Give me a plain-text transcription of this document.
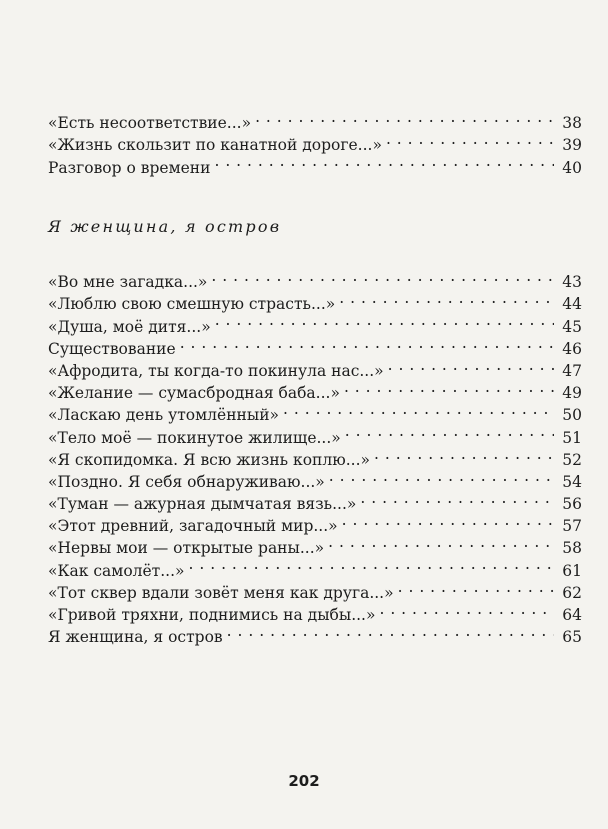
«Есть несоответствие...» . . .	38
«Жизнь скользит по канатной дороге...» . . .	39
Разговор о времени . . .	40
Я женщина, я остров
«Во мне загадка...» . . .	43
«Люблю свою смешную страсть...» . . .	44
«Душа, моё дитя...» . . .	45
Существование . . .	46
«Афродита, ты когда-то покинула нас...» . . .	47
«Желание — сумасбродная баба...» . . .	49
«Ласкаю день утомлённый» . . .	50
«Тело моё — покинутое жилище...» . . .	51
«Я скопидомка. Я всю жизнь коплю...» . . .	52
«Поздно. Я себя обнаруживаю...» . . .	54
«Туман — ажурная дымчатая вязь...» . . .	56
«Этот древний, загадочный мир...» . . .	57
«Нервы мои — открытые раны...» . . .	58
«Как самолёт...» . . .	61
«Тот сквер вдали зовёт меня как друга...» . . .	62
«Гривой тряхни, поднимись на дыбы...» . . .	64
Я женщина, я остров . . .	65
202
